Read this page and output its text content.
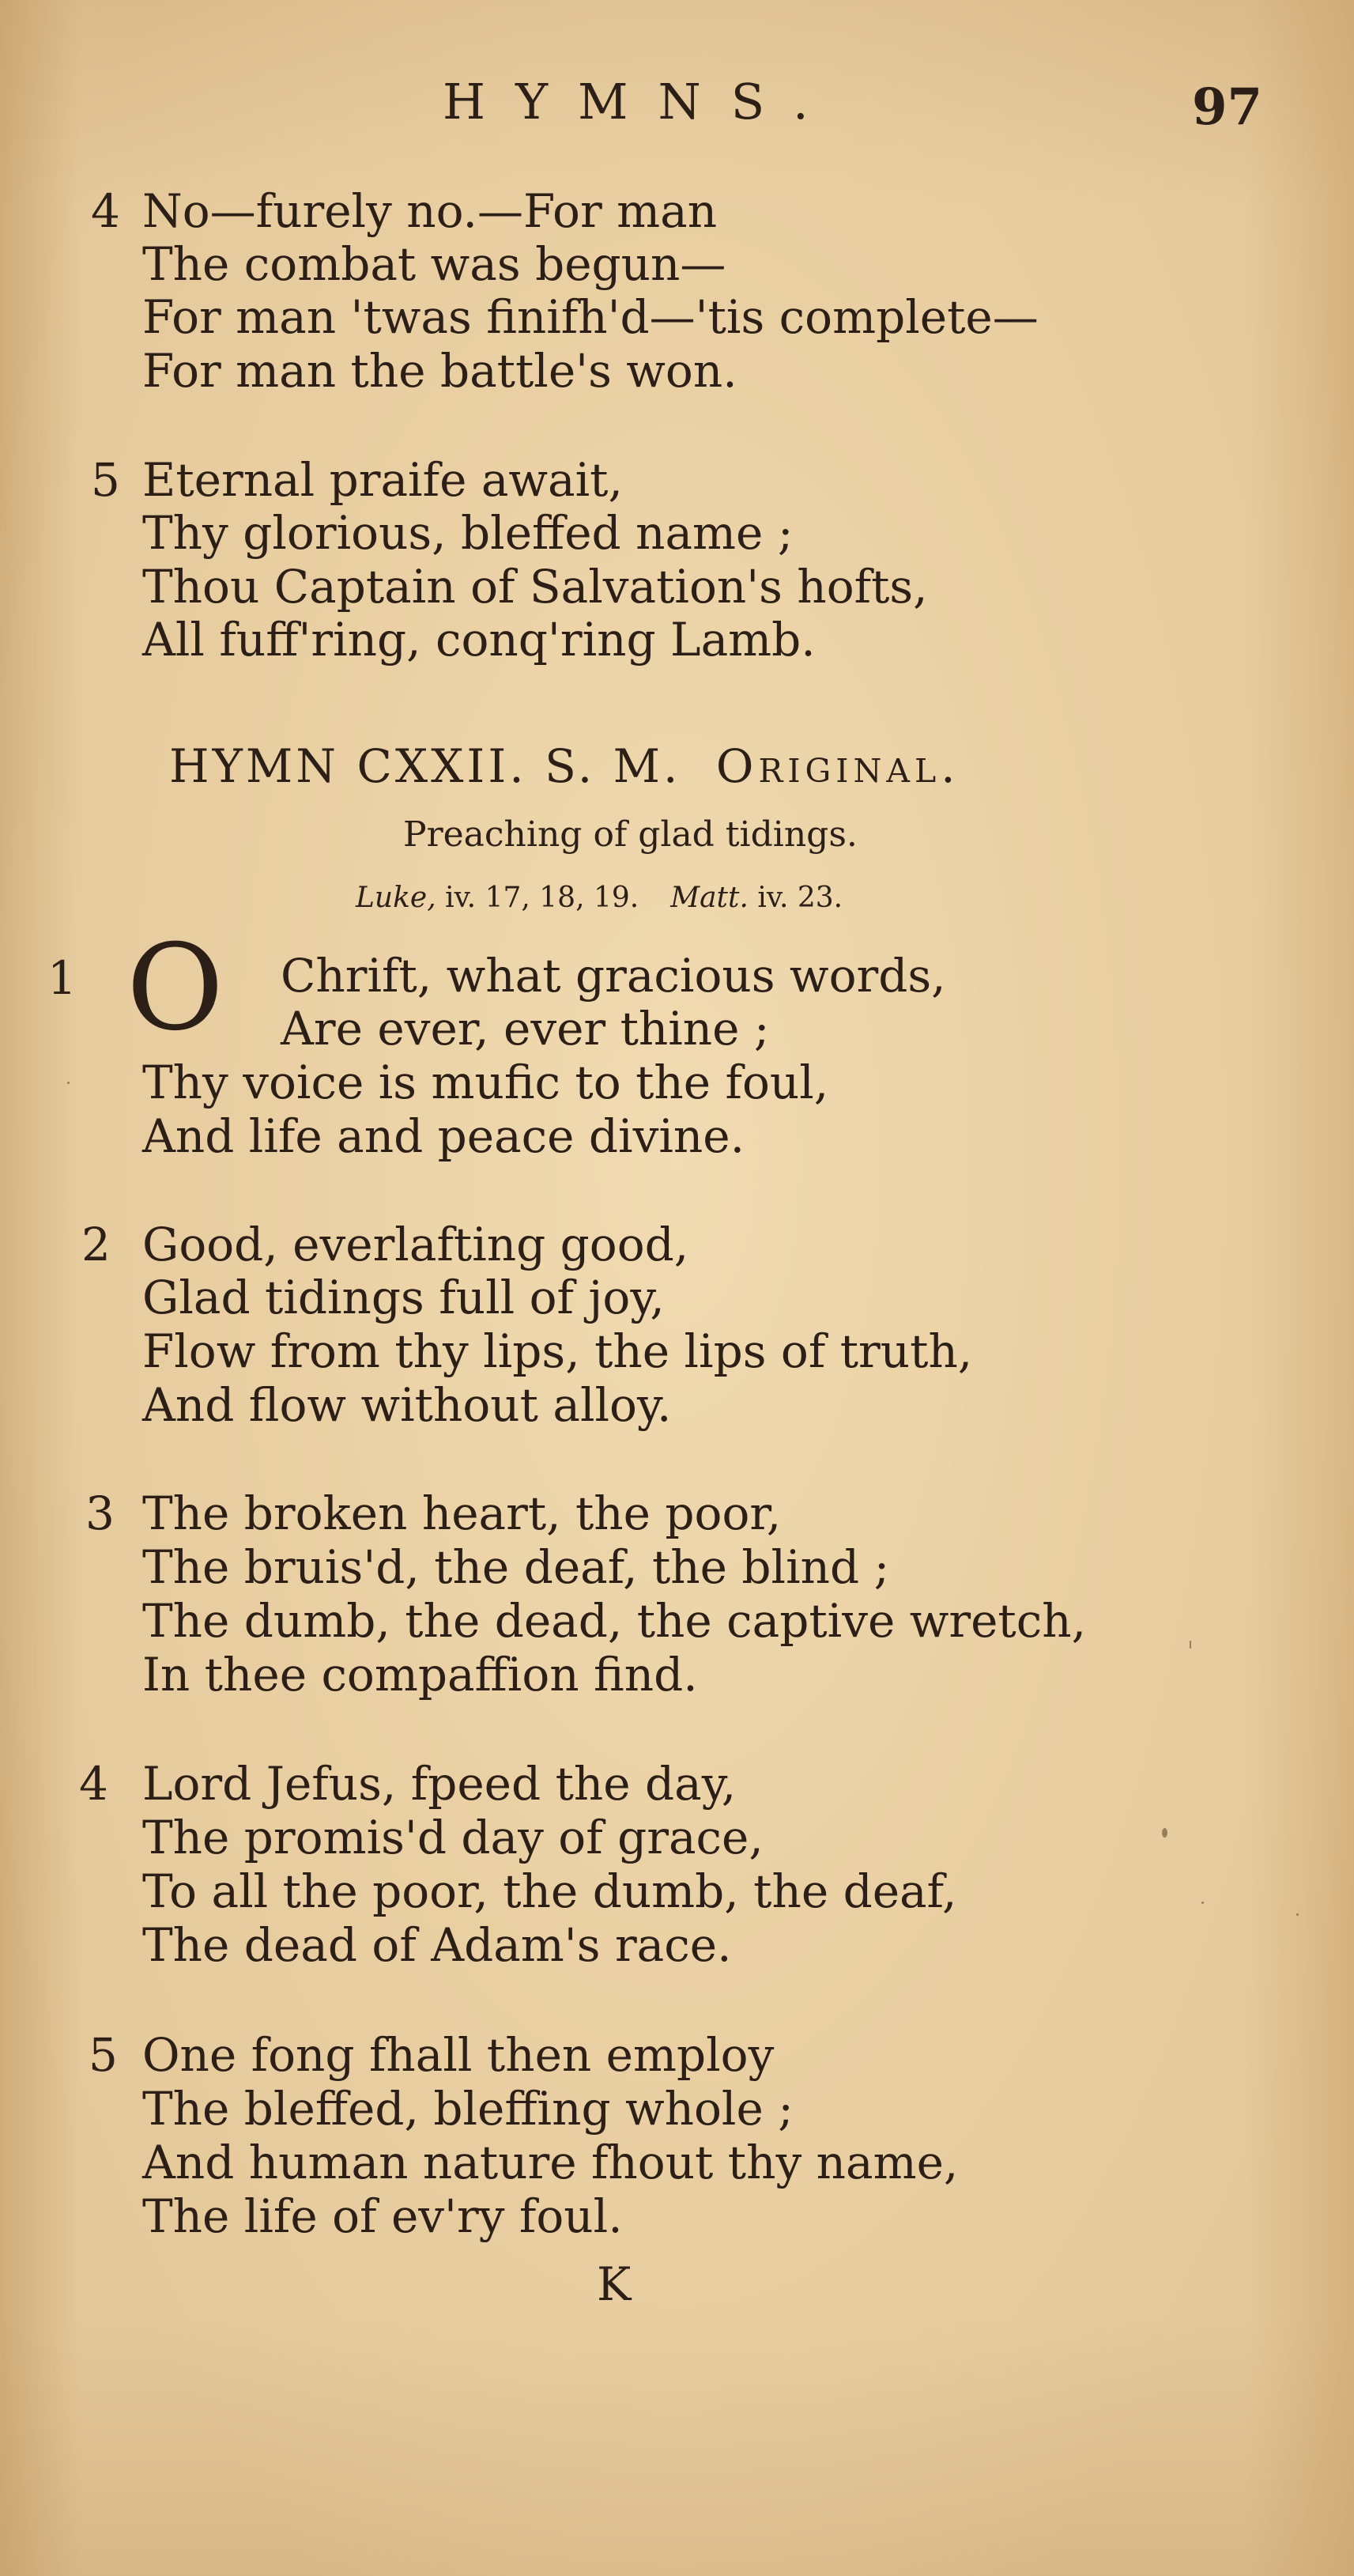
HYMNS.	97
4 No—furely no.—For man
The combat was begun—
For man 'twas finifh'd—'tis complete—
For man the battle's won.
5 Eternal praife await,
Thy glorious, bleffed name ;
Thou Captain of Salvation's hofts,
All fuff'ring, conq'ring Lamb.
HYMN CXXII. S. M. Original.
Preaching of glad tidings.
Luke, iv. 17, 18, 19. Matt. iv. 23.
1 O Chrift, what gracious words,
Are ever, ever thine ;
Thy voice is mufic to the foul,
And life and peace divine.
2 Good, everlafting good,
Glad tidings full of joy,
Flow from thy lips, the lips of truth,
And flow without alloy.
3 The broken heart, the poor,
The bruis'd, the deaf, the blind ;
The dumb, the dead, the captive wretch,
In thee compaffion find.
4 Lord Jefus, fpeed the day,
The promis'd day of grace,
To all the poor, the dumb, the deaf,
The dead of Adam's race.
5 One fong fhall then employ
The bleffed, bleffing whole ;
And human nature fhout thy name,
The life of ev'ry foul.
K
